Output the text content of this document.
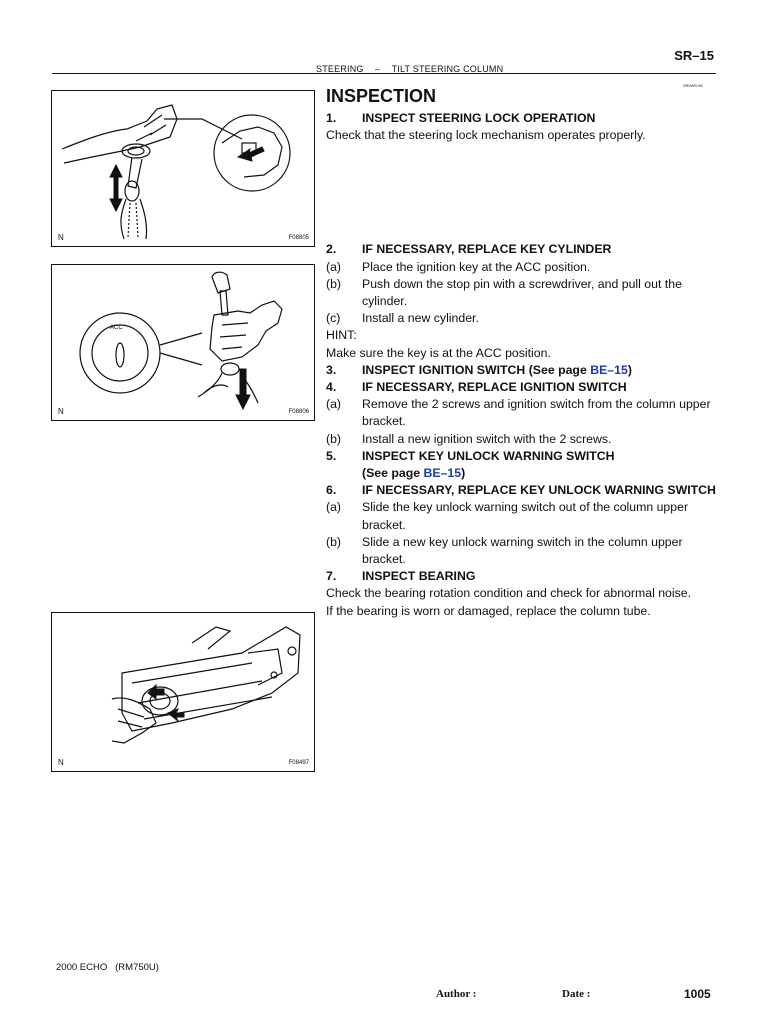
SR–15
STEERING – TILT STEERING COLUMN
SR0W9-06
N	F08805
ACC
N	F08806
N	F08497
INSPECTION
1.	INSPECT STEERING LOCK OPERATION
Check that the steering lock mechanism operates properly.
2.	IF NECESSARY, REPLACE KEY CYLINDER
(a)	Place the ignition key at the ACC position.
(b)	Push down the stop pin with a screwdriver, and pull out the cylinder.
(c)	Install a new cylinder.
HINT:
Make sure the key is at the ACC position.
3.	INSPECT IGNITION SWITCH (See page BE–15)
4.	IF NECESSARY, REPLACE IGNITION SWITCH
(a)	Remove the 2 screws and ignition switch from the column upper bracket.
(b)	Install a new ignition switch with the 2 screws.
5.	INSPECT KEY UNLOCK WARNING SWITCH
(See page BE–15)
6.	IF NECESSARY, REPLACE KEY UNLOCK WARNING SWITCH
(a)	Slide the key unlock warning switch out of the column upper bracket.
(b)	Slide a new key unlock warning switch in the column upper bracket.
7.	INSPECT BEARING
Check the bearing rotation condition and check for abnormal noise.
If the bearing is worn or damaged, replace the column tube.
2000 ECHO   (RM750U)
Author :	Date :	1005
